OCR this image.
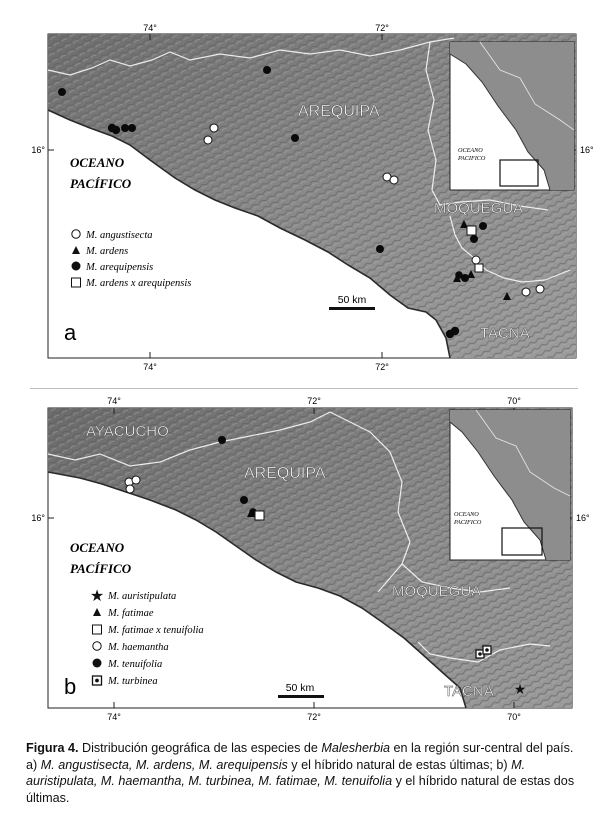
74°	72°
74°	72°
16°	16°
OCEANO
PACIFICO
AREQUIPA
MOQUEGUA
TACNA
OCEANO
PACÍFICO
M. angustisecta
M. ardens
M. arequipensis
M. ardens x arequipensis
50 km
a
74°	72°	70°
74°	72°	70°
16°	16°
OCEANO
PACIFICO
AYACUCHO
AREQUIPA
MOQUEGUA
TACNA
OCEANO
PACÍFICO
★ M. auristipulata
M. fatimae
M. fatimae x tenuifolia
M. haemantha
M. tenuifolia
M. turbinea
50 km
b	★
Figura 4. Distribución geográfica de las especies de Malesherbia en la región sur-central del país. a) M. angustisecta, M. ardens, M. arequipensis y el híbrido natural de estas últimas; b) M. auristipulata, M. haemantha, M. turbinea, M. fatimae, M. tenuifolia y el híbrido natural de estas dos últimas.
